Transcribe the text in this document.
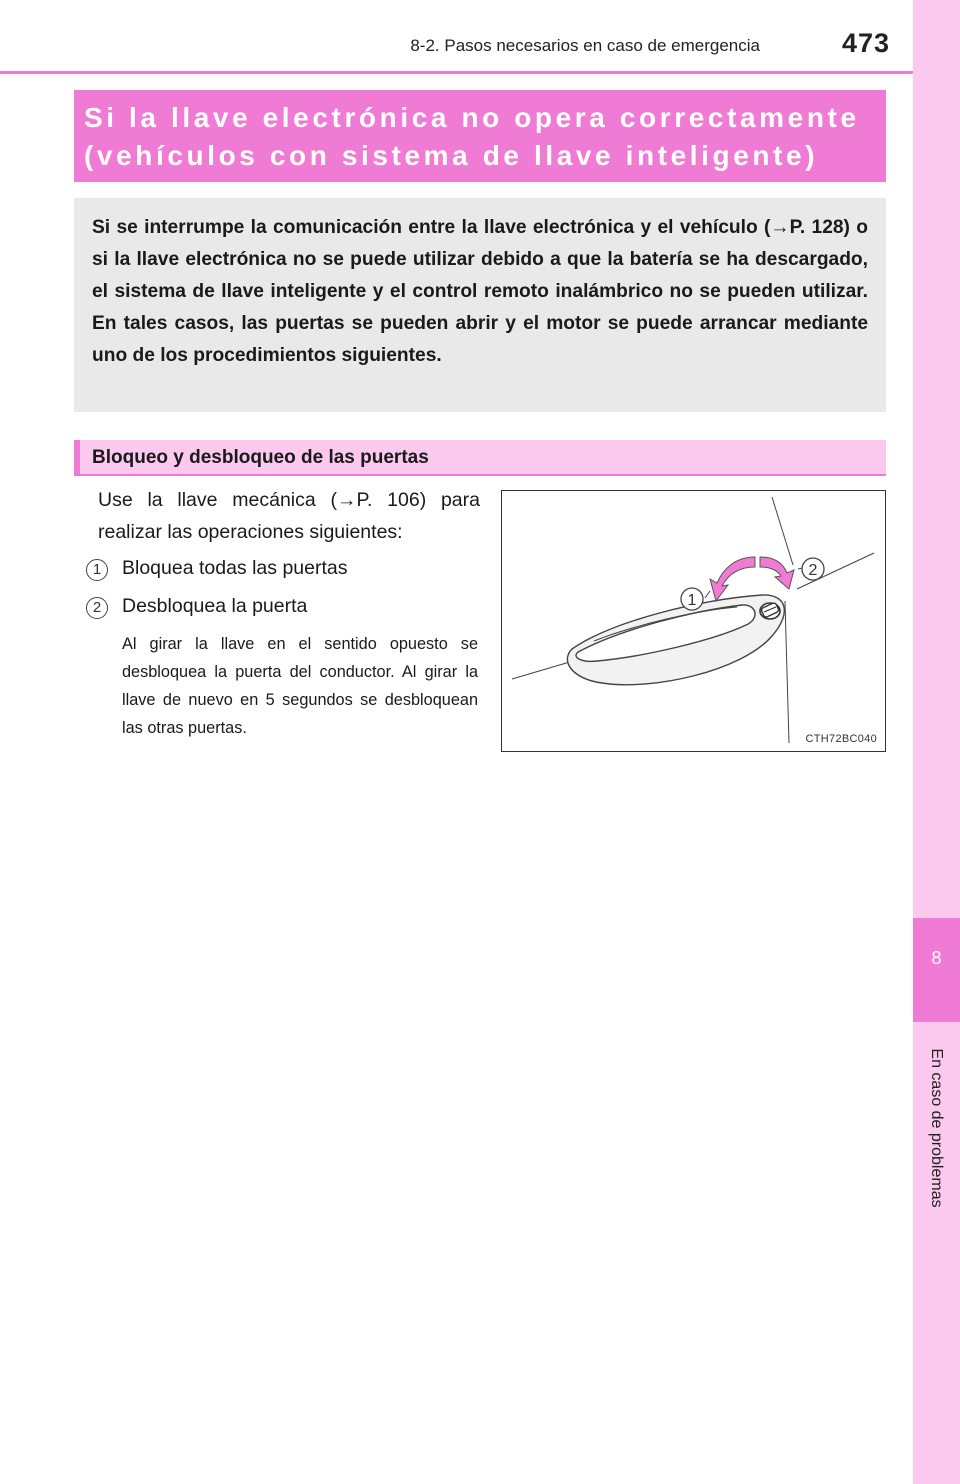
8
En caso de problemas
8-2. Pasos necesarios en caso de emergencia	473
Si la llave electrónica no opera correctamente
(vehículos con sistema de llave inteligente)
Si se interrumpe la comunicación entre la llave electrónica y el vehículo (→P. 128) o si la llave electrónica no se puede utilizar debido a que la batería se ha descargado, el sistema de llave inteligente y el control remoto inalámbrico no se pueden utilizar. En tales casos, las puertas se pueden abrir y el motor se puede arrancar mediante uno de los procedimientos siguientes.
Bloqueo y desbloqueo de las puertas
Use la llave mecánica (→P. 106) para realizar las operaciones siguientes:
1	Bloquea todas las puertas
2	Desbloquea la puerta
Al girar la llave en el sentido opuesto se desbloquea la puerta del conductor. Al girar la llave de nuevo en 5 segundos se desbloquean las otras puertas.
1
2
CTH72BC040
